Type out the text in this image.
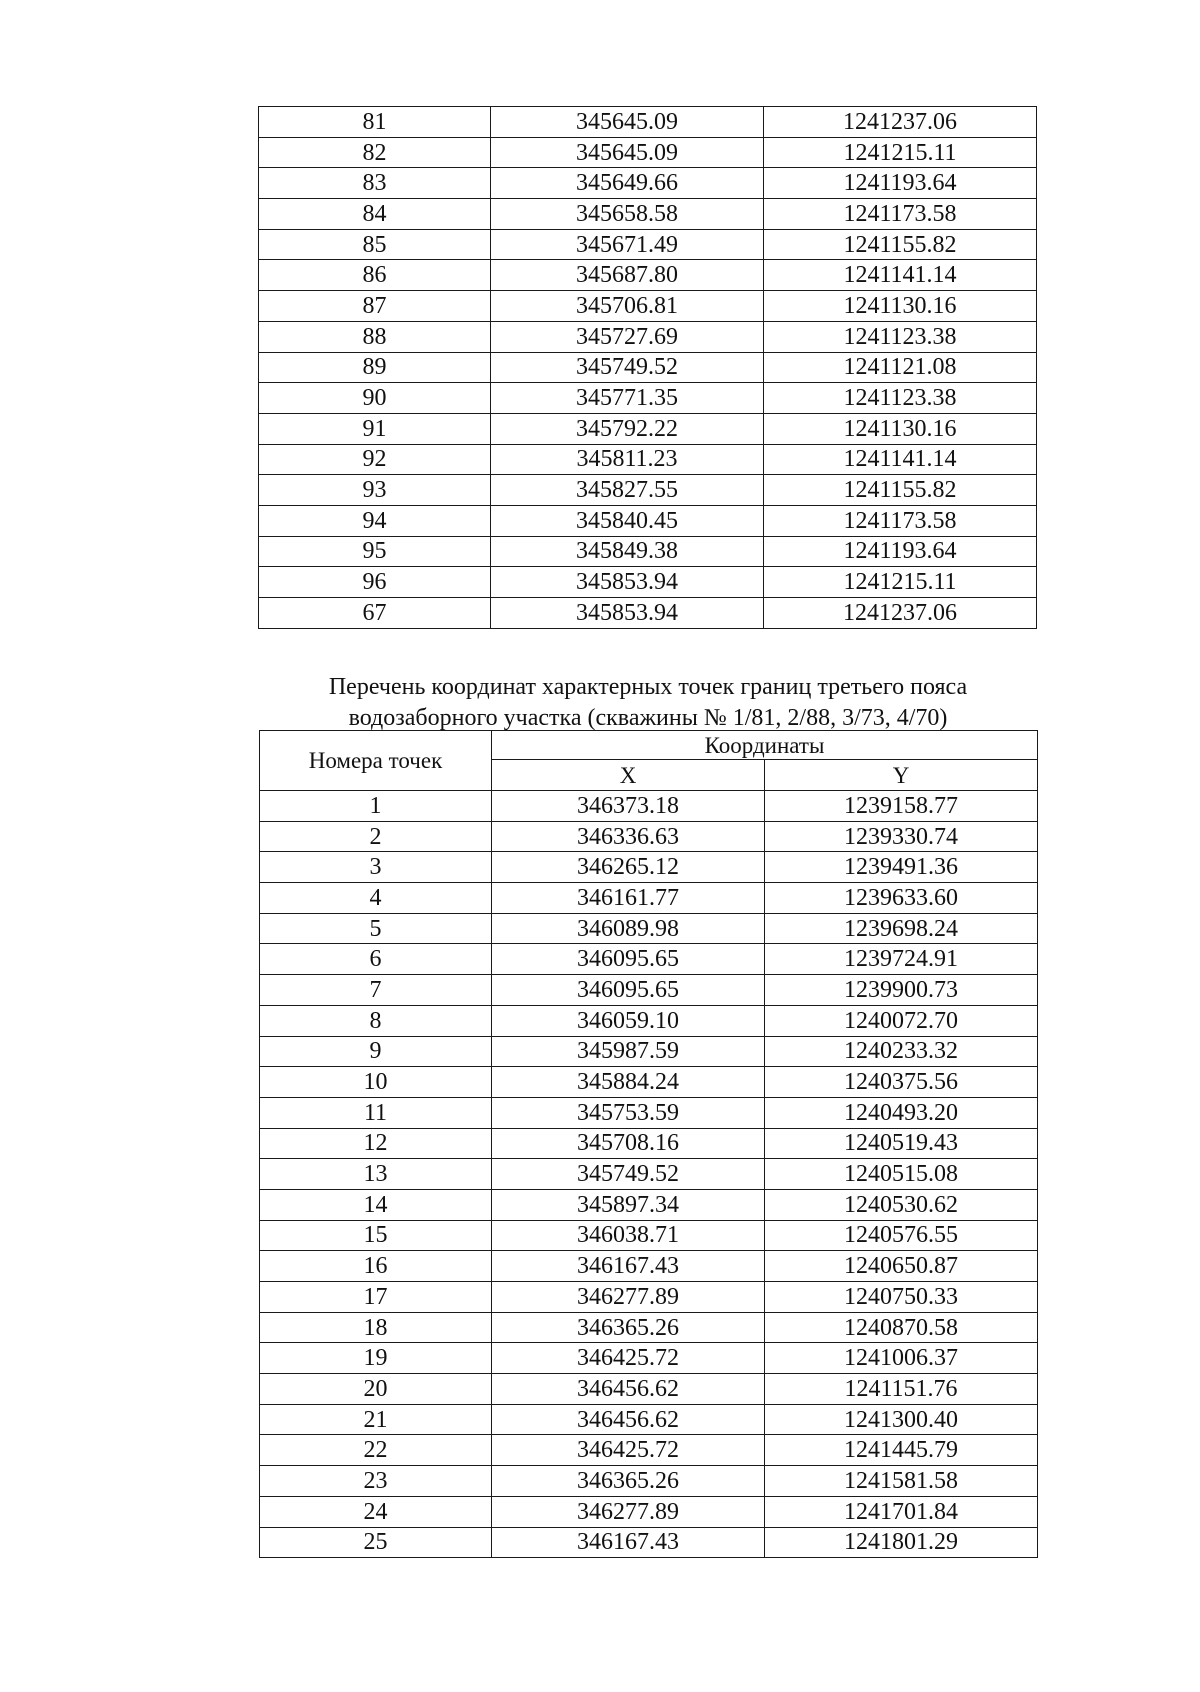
81	345645.09	1241237.06
82	345645.09	1241215.11
83	345649.66	1241193.64
84	345658.58	1241173.58
85	345671.49	1241155.82
86	345687.80	1241141.14
87	345706.81	1241130.16
88	345727.69	1241123.38
89	345749.52	1241121.08
90	345771.35	1241123.38
91	345792.22	1241130.16
92	345811.23	1241141.14
93	345827.55	1241155.82
94	345840.45	1241173.58
95	345849.38	1241193.64
96	345853.94	1241215.11
67	345853.94	1241237.06
Перечень координат характерных точек границ третьего пояса
водозаборного участка (скважины № 1/81, 2/88, 3/73, 4/70)
Номера точек	Координаты	
	X	Y
1	346373.18	1239158.77
2	346336.63	1239330.74
3	346265.12	1239491.36
4	346161.77	1239633.60
5	346089.98	1239698.24
6	346095.65	1239724.91
7	346095.65	1239900.73
8	346059.10	1240072.70
9	345987.59	1240233.32
10	345884.24	1240375.56
11	345753.59	1240493.20
12	345708.16	1240519.43
13	345749.52	1240515.08
14	345897.34	1240530.62
15	346038.71	1240576.55
16	346167.43	1240650.87
17	346277.89	1240750.33
18	346365.26	1240870.58
19	346425.72	1241006.37
20	346456.62	1241151.76
21	346456.62	1241300.40
22	346425.72	1241445.79
23	346365.26	1241581.58
24	346277.89	1241701.84
25	346167.43	1241801.29
